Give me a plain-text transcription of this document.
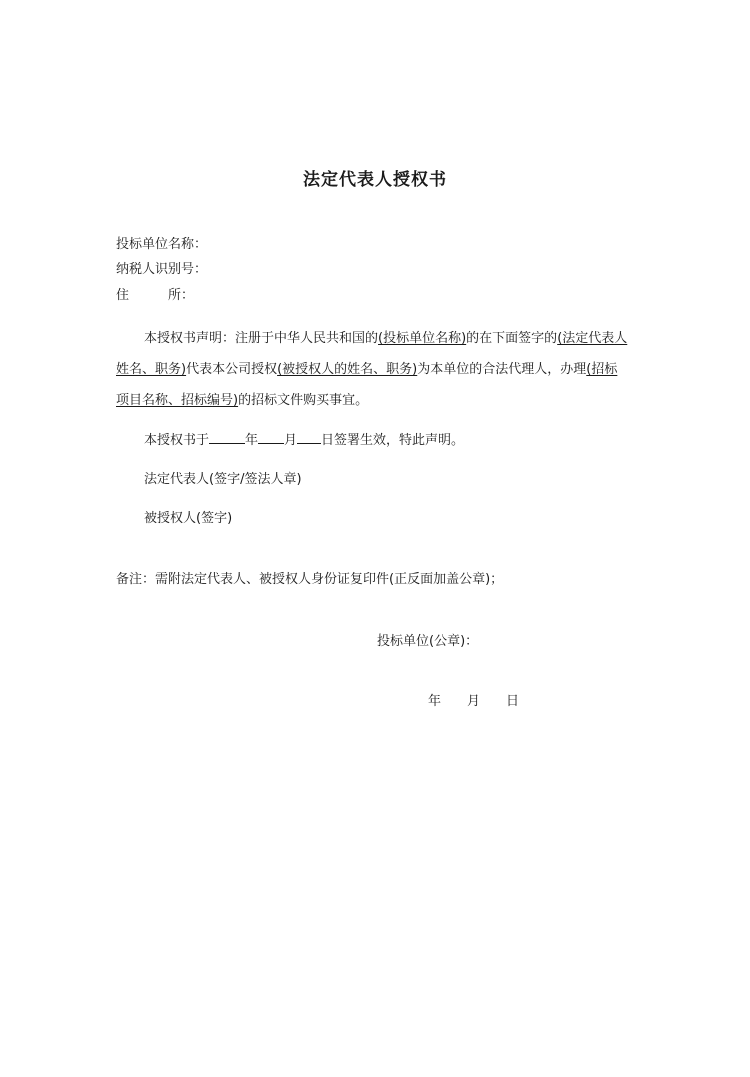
法定代表人授权书
投标单位名称：
纳税人识别号：
住　　　所：

本授权书声明：注册于中华人民共和国的(投标单位名称)的在下面签字的(法定代表人姓名、职务)代表本公司授权(被授权人的姓名、职务)为本单位的合法代理人，办理(招标项目名称、招标编号)的招标文件购买事宜。

本授权书于	年 月 日签署生效，特此声明。
法定代表人(签字/签法人章)
被授权人(签字)
备注：需附法定代表人、被授权人身份证复印件(正反面加盖公章)；
投标单位(公章)：
年 月 日
